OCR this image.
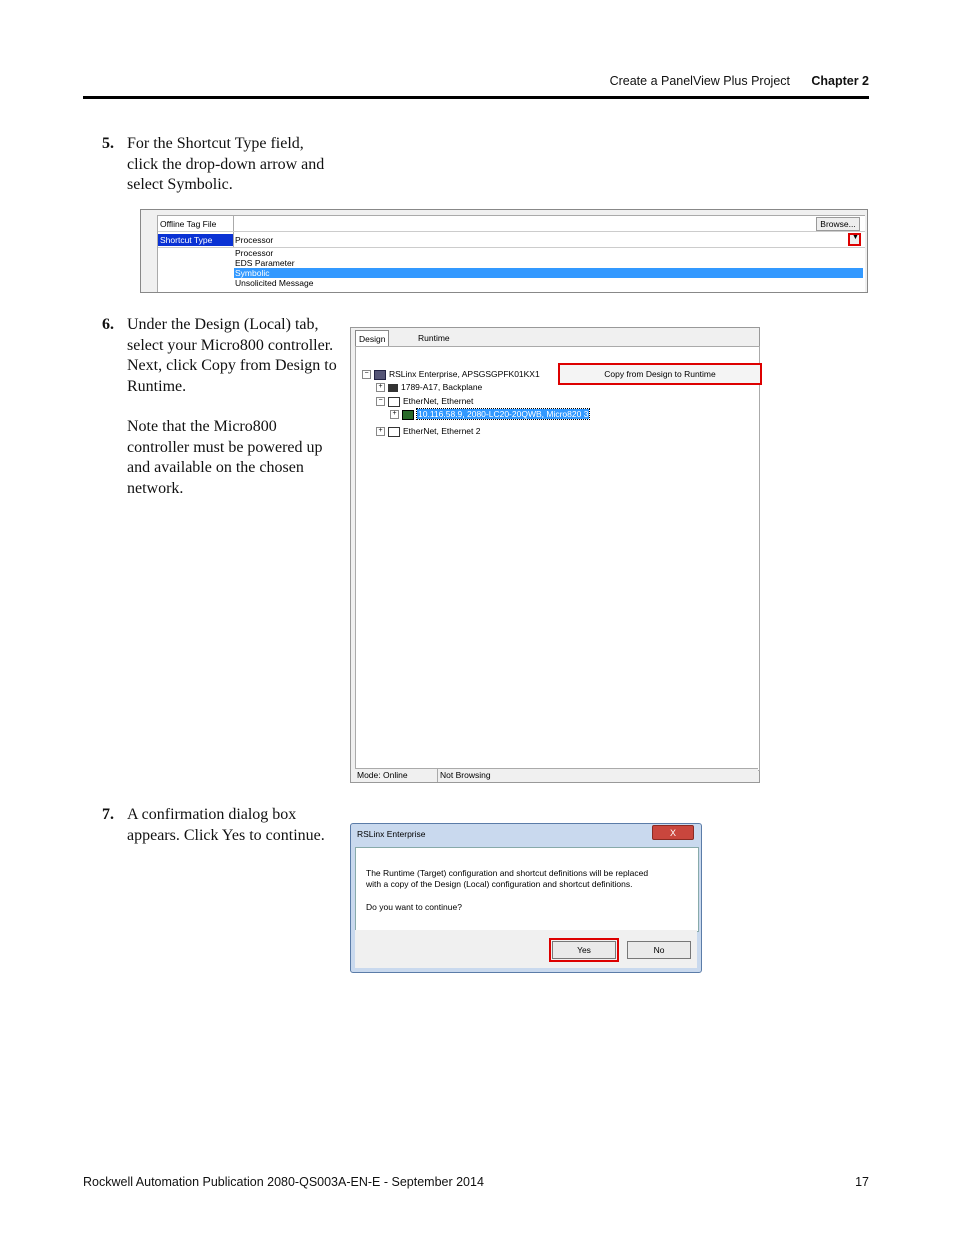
Create a PanelView Plus Project Chapter 2
5. For the Shortcut Type field,
click the drop-down arrow and
select Symbolic.
Offline Tag File	Browse...
Shortcut Type	Processor	▼
Processor
EDS Parameter
Symbolic
Unsolicited Message
6. Under the Design (Local) tab,
select your Micro800 controller.
Next, click Copy from Design to
Runtime.
Note that the Micro800
controller must be powered up
and available on the chosen
network.
Design	Runtime
Copy from Design to Runtime
− RSLinx Enterprise, APSGSGPFK01KX1
+ 1789-A17, Backplane
− EtherNet, Ethernet
+	10.116.58.9, 2080-LC20-20QWB, Micro820 3
+ EtherNet, Ethernet 2
Mode: Online	Not Browsing
7. A confirmation dialog box
appears. Click Yes to continue.	RSLinx Enterprise	X
The Runtime (Target) configuration and shortcut definitions will be replaced
with a copy of the Design (Local) configuration and shortcut definitions.
Do you want to continue?
Yes	No
Rockwell Automation Publication 2080-QS003A-EN-E - September 2014	17
